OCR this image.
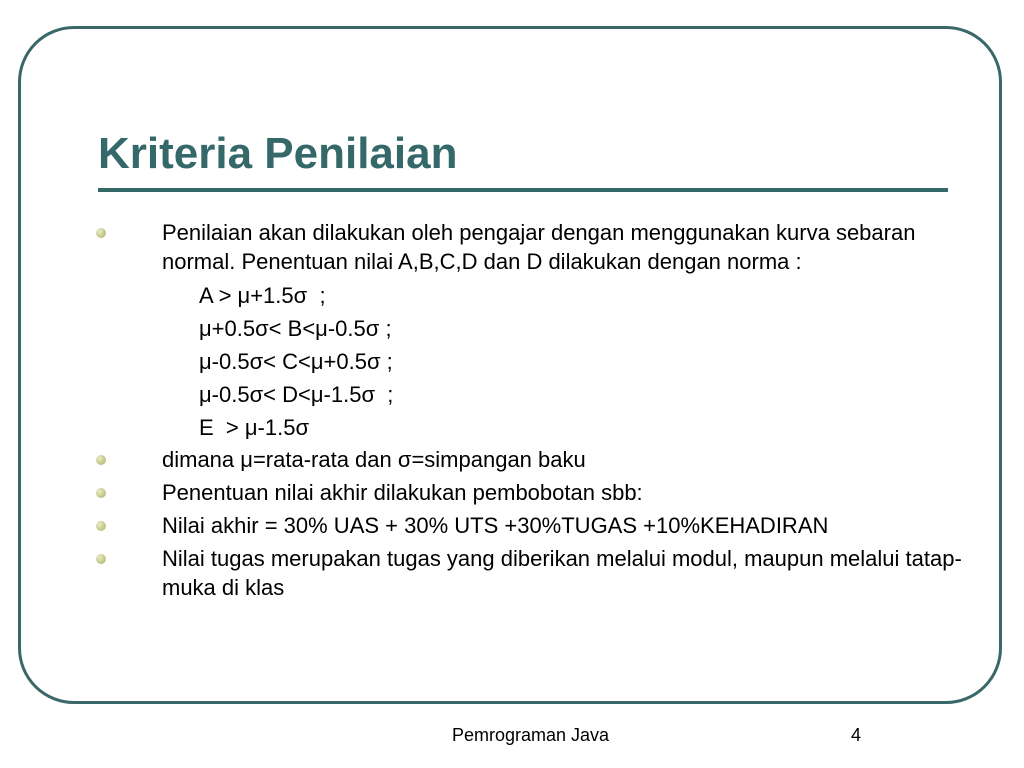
Kriteria Penilaian
Penilaian akan dilakukan oleh pengajar dengan menggunakan kurva sebaran normal. Penentuan nilai A,B,C,D dan D dilakukan dengan norma :
A > μ+1.5σ  ;
μ+0.5σ< B<μ-0.5σ ;
μ-0.5σ< C<μ+0.5σ ;
μ-0.5σ< D<μ-1.5σ  ;
E  > μ-1.5σ
dimana μ=rata-rata dan σ=simpangan baku
Penentuan nilai akhir dilakukan pembobotan sbb:
Nilai akhir = 30% UAS + 30% UTS +30%TUGAS +10%KEHADIRAN
Nilai tugas merupakan tugas yang diberikan melalui modul, maupun melalui tatap-muka di klas
Pemrograman Java	4
